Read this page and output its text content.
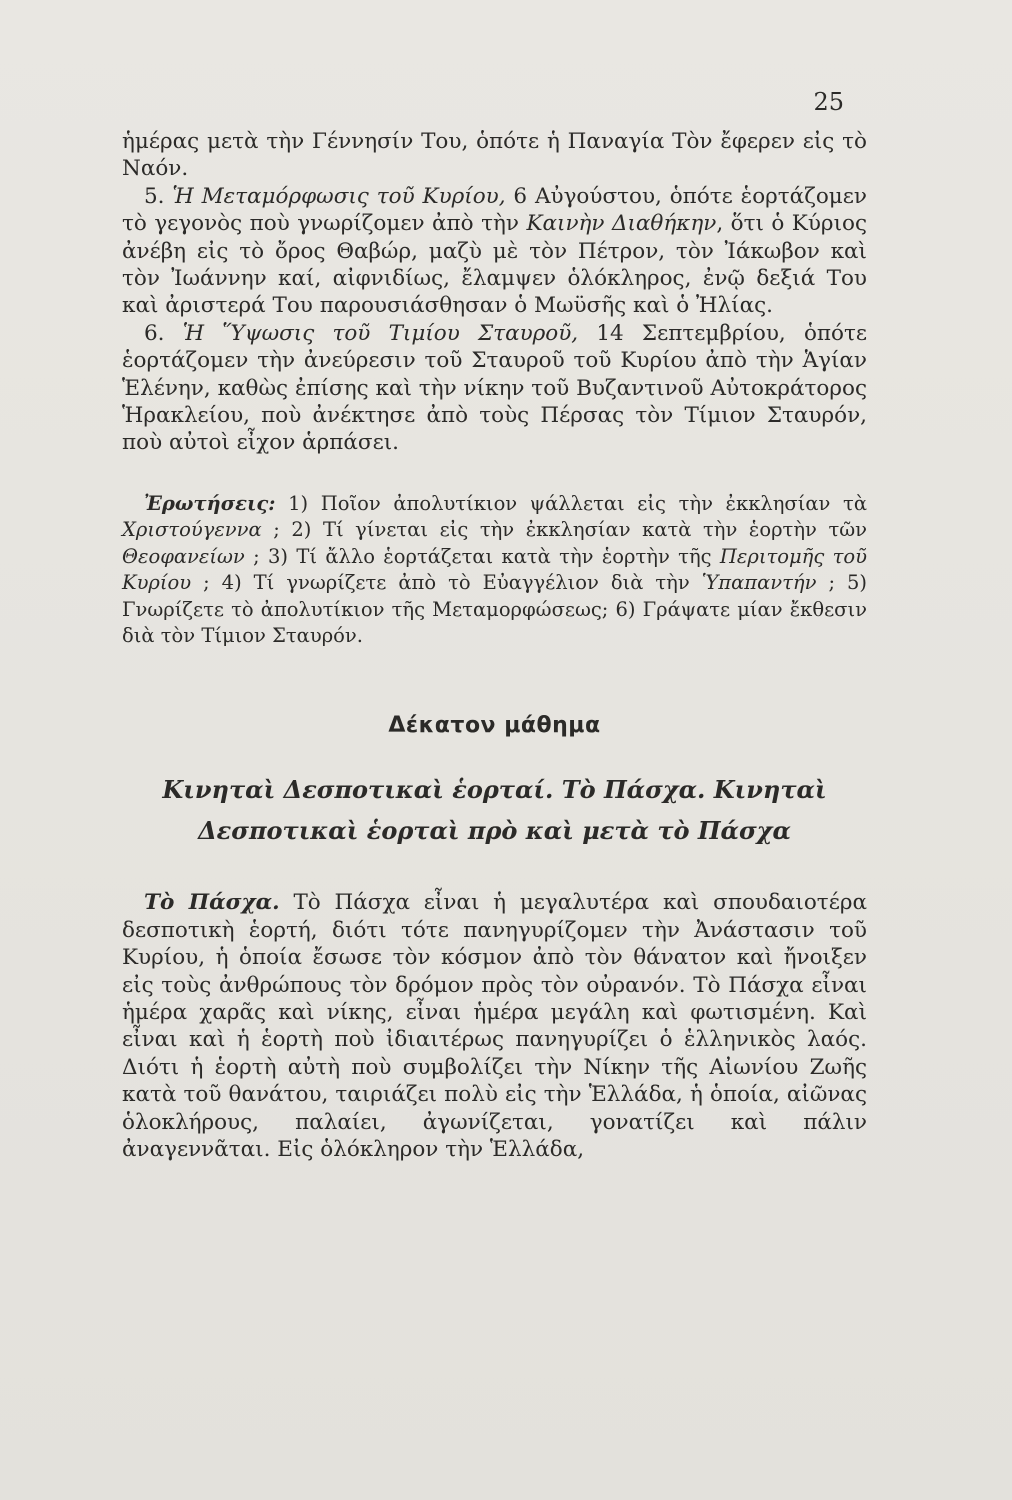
25

ἡμέρας μετὰ τὴν Γέννησίν Του, ὁπότε ἡ Παναγία Τὸν ἔφερεν εἰς τὸ Ναόν.

5. Ἡ Μεταμόρφωσις τοῦ Κυρίου, 6 Αὐγούστου, ὁπότε ἑορτάζομεν τὸ γεγονὸς ποὺ γνωρίζομεν ἀπὸ τὴν Καινὴν Διαθήκην, ὅτι ὁ Κύριος ἀνέβη εἰς τὸ ὄρος Θαβώρ, μαζὺ μὲ τὸν Πέτρον, τὸν Ἰάκωβον καὶ τὸν Ἰωάννην καί, αἰφνιδίως, ἔλαμψεν ὁλόκληρος, ἐνῷ δεξιά Του καὶ ἀριστερά Του παρουσιάσθησαν ὁ Μωϋσῆς καὶ ὁ Ἠλίας.

6. Ἡ Ὕψωσις τοῦ Τιμίου Σταυροῦ, 14 Σεπτεμβρίου, ὁπότε ἑορτάζομεν τὴν ἀνεύρεσιν τοῦ Σταυροῦ τοῦ Κυρίου ἀπὸ τὴν Ἁγίαν Ἑλένην, καθὼς ἐπίσης καὶ τὴν νίκην τοῦ Βυζαντινοῦ Αὐτοκράτορος Ἡρακλείου, ποὺ ἀνέκτησε ἀπὸ τοὺς Πέρσας τὸν Τίμιον Σταυρόν, ποὺ αὐτοὶ εἶχον ἁρπάσει.

Ἐρωτήσεις: 1) Ποῖον ἀπολυτίκιον ψάλλεται εἰς τὴν ἐκκλησίαν τὰ Χριστούγεννα ; 2) Τί γίνεται εἰς τὴν ἐκκλησίαν κατὰ τὴν ἑορτὴν τῶν Θεοφανείων ; 3) Τί ἄλλο ἑορτάζεται κατὰ τὴν ἑορτὴν τῆς Περιτομῆς τοῦ Κυρίου ; 4) Τί γνωρίζετε ἀπὸ τὸ Εὐαγγέλιον διὰ τὴν Ὑπαπαντήν ; 5) Γνωρίζετε τὸ ἀπολυτίκιον τῆς Μεταμορφώσεως; 6) Γράψατε μίαν ἔκθεσιν διὰ τὸν Τίμιον Σταυρόν.

Δέκατον μάθημα
Κινηταὶ Δεσποτικαὶ ἑορταί. Τὸ Πάσχα. Κινηταὶ
Δεσποτικαὶ ἑορταὶ πρὸ καὶ μετὰ τὸ Πάσχα

Τὸ Πάσχα. Τὸ Πάσχα εἶναι ἡ μεγαλυτέρα καὶ σπουδαιοτέρα δεσποτικὴ ἑορτή, διότι τότε πανηγυρίζομεν τὴν Ἀνάστασιν τοῦ Κυρίου, ἡ ὁποία ἔσωσε τὸν κόσμον ἀπὸ τὸν θάνατον καὶ ἤνοιξεν εἰς τοὺς ἀνθρώπους τὸν δρόμον πρὸς τὸν οὐρανόν. Τὸ Πάσχα εἶναι ἡμέρα χαρᾶς καὶ νίκης, εἶναι ἡμέρα μεγάλη καὶ φωτισμένη. Καὶ εἶναι καὶ ἡ ἑορτὴ ποὺ ἰδιαιτέρως πανηγυρίζει ὁ ἑλληνικὸς λαός. Διότι ἡ ἑορτὴ αὐτὴ ποὺ συμβολίζει τὴν Νίκην τῆς Αἰωνίου Ζωῆς κατὰ τοῦ θανάτου, ταιριάζει πολὺ εἰς τὴν Ἑλλάδα, ἡ ὁποία, αἰῶνας ὁλοκλήρους, παλαίει, ἀγωνίζεται, γονατίζει καὶ πάλιν ἀναγεννᾶται. Εἰς ὁλόκληρον τὴν Ἑλλάδα,
